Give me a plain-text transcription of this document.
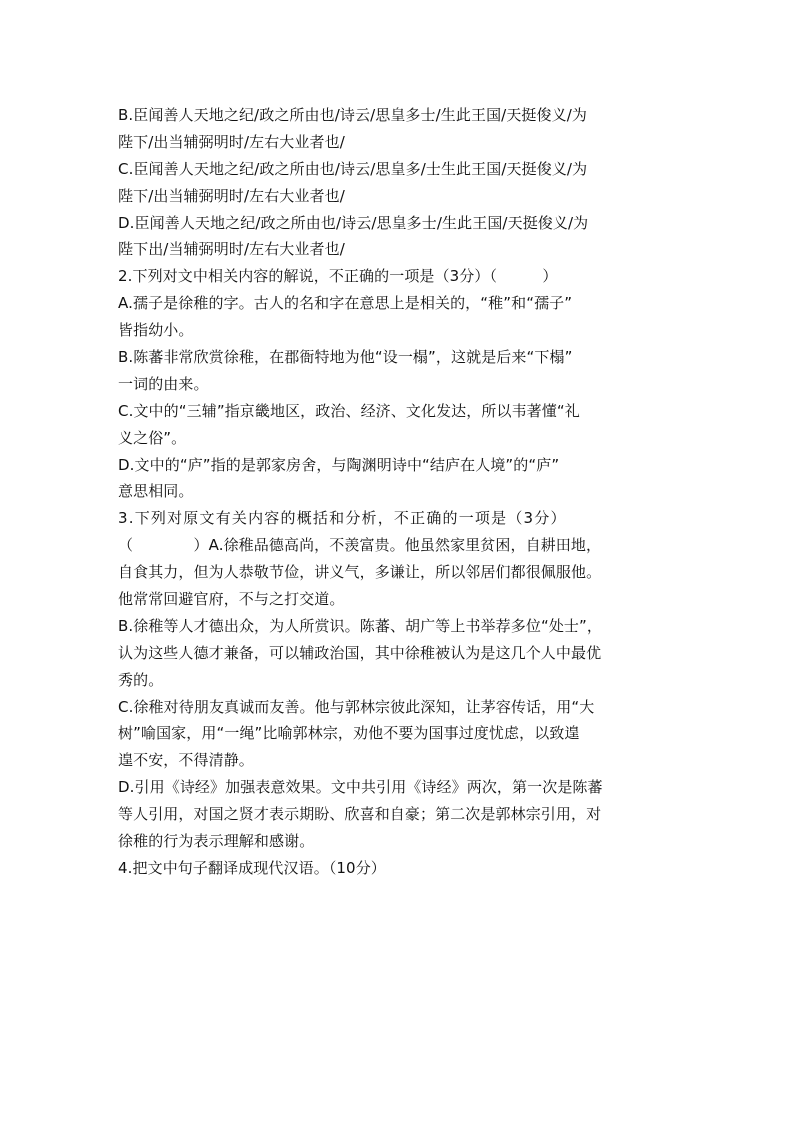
B.臣闻善人天地之纪/政之所由也/诗云/思皇多士/生此王国/天挺俊义/为
陛下/出当辅弼明时/左右大业者也/
C.臣闻善人天地之纪/政之所由也/诗云/思皇多/士生此王国/天挺俊义/为
陛下/出当辅弼明时/左右大业者也/
D.臣闻善人天地之纪/政之所由也/诗云/思皇多士/生此王国/天挺俊义/为
陛下出/当辅弼明时/左右大业者也/
2.下列对文中相关内容的解说，不正确的一项是（3分）（　　　）
A.孺子是徐稚的字。古人的名和字在意思上是相关的，“稚”和“孺子”
皆指幼小。
B.陈蕃非常欣赏徐稚，在郡衙特地为他“设一榻”，这就是后来“下榻”
一词的由来。
C.文中的“三辅”指京畿地区，政治、经济、文化发达，所以韦著懂“礼
义之俗”。
D.文中的“庐”指的是郭家房舍，与陶渊明诗中“结庐在人境”的“庐”
意思相同。
3.下列对原文有关内容的概括和分析，不正确的一项是（3分）
（　　　　）A.徐稚品德高尚，不羡富贵。他虽然家里贫困，自耕田地，
自食其力，但为人恭敬节俭，讲义气，多谦让，所以邻居们都很佩服他。
他常常回避官府，不与之打交道。
B.徐稚等人才德出众，为人所赏识。陈蕃、胡广等上书举荐多位“处士”，
认为这些人德才兼备，可以辅政治国，其中徐稚被认为是这几个人中最优
秀的。
C.徐稚对待朋友真诚而友善。他与郭林宗彼此深知，让茅容传话，用“大
树”喻国家，用“一绳”比喻郭林宗，劝他不要为国事过度忧虑，以致遑
遑不安，不得清静。
D.引用《诗经》加强表意效果。文中共引用《诗经》两次，第一次是陈蕃
等人引用，对国之贤才表示期盼、欣喜和自豪；第二次是郭林宗引用，对
徐稚的行为表示理解和感谢。
4.把文中句子翻译成现代汉语。（10分）
